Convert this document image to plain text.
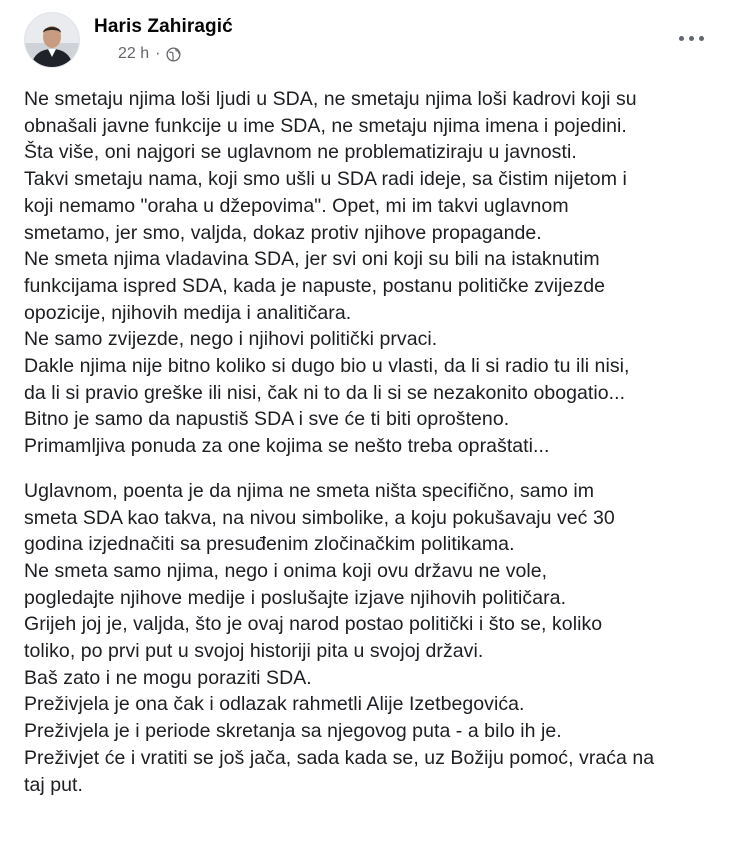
Haris Zahiragić
22 h ·
Ne smetaju njima loši ljudi u SDA, ne smetaju njima loši kadrovi koji su
obnašali javne funkcije u ime SDA, ne smetaju njima imena i pojedini.
Šta više, oni najgori se uglavnom ne problematiziraju u javnosti.
Takvi smetaju nama, koji smo ušli u SDA radi ideje, sa čistim nijetom i
koji nemamo "oraha u džepovima". Opet, mi im takvi uglavnom
smetamo, jer smo, valjda, dokaz protiv njihove propagande.
Ne smeta njima vladavina SDA, jer svi oni koji su bili na istaknutim
funkcijama ispred SDA, kada je napuste, postanu političke zvijezde
opozicije, njihovih medija i analitičara.
Ne samo zvijezde, nego i njihovi politički prvaci.
Dakle njima nije bitno koliko si dugo bio u vlasti, da li si radio tu ili nisi,
da li si pravio greške ili nisi, čak ni to da li si se nezakonito obogatio...
Bitno je samo da napustiš SDA i sve će ti biti oprošteno.
Primamljiva ponuda za one kojima se nešto treba opraštati...
Uglavnom, poenta je da njima ne smeta ništa specifično, samo im
smeta SDA kao takva, na nivou simbolike, a koju pokušavaju već 30
godina izjednačiti sa presuđenim zločinačkim politikama.
Ne smeta samo njima, nego i onima koji ovu državu ne vole,
pogledajte njihove medije i poslušajte izjave njihovih političara.
Grijeh joj je, valjda, što je ovaj narod postao politički i što se, koliko
toliko, po prvi put u svojoj historiji pita u svojoj državi.
Baš zato i ne mogu poraziti SDA.
Preživjela je ona čak i odlazak rahmetli Alije Izetbegovića.
Preživjela je i periode skretanja sa njegovog puta - a bilo ih je.
Preživjet će i vratiti se još jača, sada kada se, uz Božiju pomoć, vraća na
taj put.
